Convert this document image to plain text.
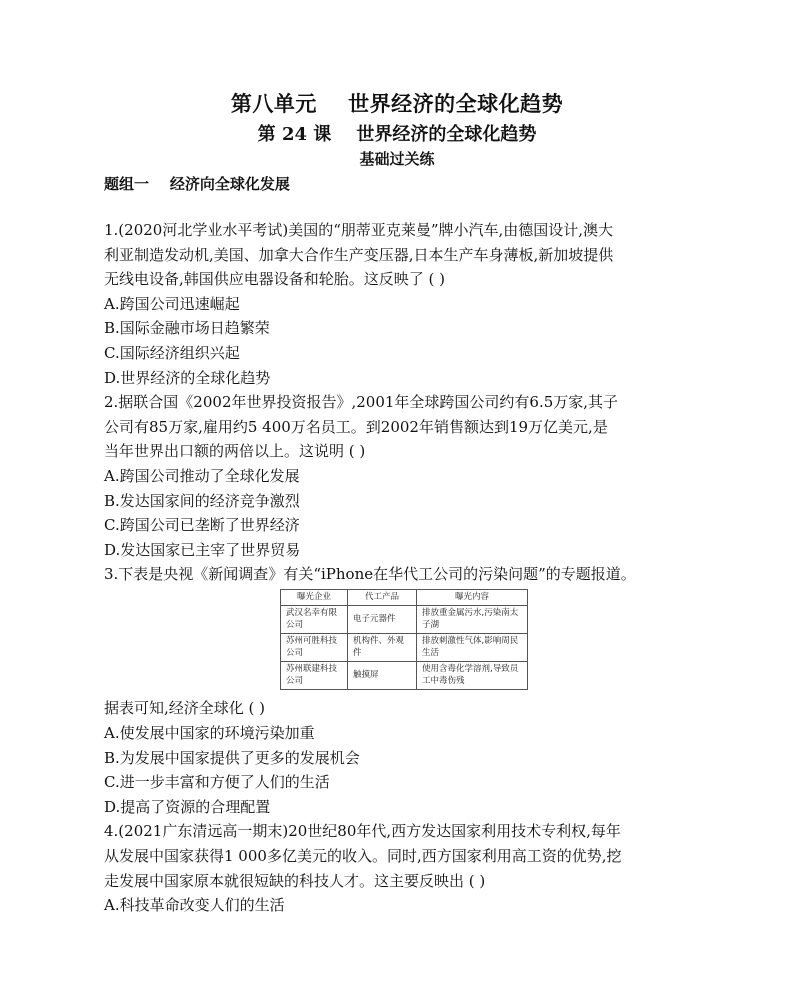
第八单元    世界经济的全球化趋势
第 24 课    世界经济的全球化趋势
基础过关练
题组一    经济向全球化发展
1.(2020河北学业水平考试)美国的“朋蒂亚克莱曼”牌小汽车,由德国设计,澳大
利亚制造发动机,美国、加拿大合作生产变压器,日本生产车身薄板,新加坡提供
无线电设备,韩国供应电器设备和轮胎。这反映了 ( )
A.跨国公司迅速崛起
B.国际金融市场日趋繁荣
C.国际经济组织兴起
D.世界经济的全球化趋势
2.据联合国《2002年世界投资报告》,2001年全球跨国公司约有6.5万家,其子
公司有85万家,雇用约5 400万名员工。到2002年销售额达到19万亿美元,是
当年世界出口额的两倍以上。这说明 ( )
A.跨国公司推动了全球化发展
B.发达国家间的经济竞争激烈
C.跨国公司已垄断了世界经济
D.发达国家已主宰了世界贸易
3.下表是央视《新闻调查》有关“iPhone在华代工公司的污染问题”的专题报道。
曝光企业	代工产品	曝光内容
武汉名幸有限公司	电子元器件	排放重金属污水,污染南太子湖
苏州可胜科技公司	机构件、外观件	排放刺激性气体,影响周民生活
苏州联建科技公司	触摸屏	使用含毒化学溶剂,导致员工中毒伤残
据表可知,经济全球化 ( )
A.使发展中国家的环境污染加重
B.为发展中国家提供了更多的发展机会
C.进一步丰富和方便了人们的生活
D.提高了资源的合理配置
4.(2021广东清远高一期末)20世纪80年代,西方发达国家利用技术专利权,每年
从发展中国家获得1 000多亿美元的收入。同时,西方国家利用高工资的优势,挖
走发展中国家原本就很短缺的科技人才。这主要反映出 ( )
A.科技革命改变人们的生活
